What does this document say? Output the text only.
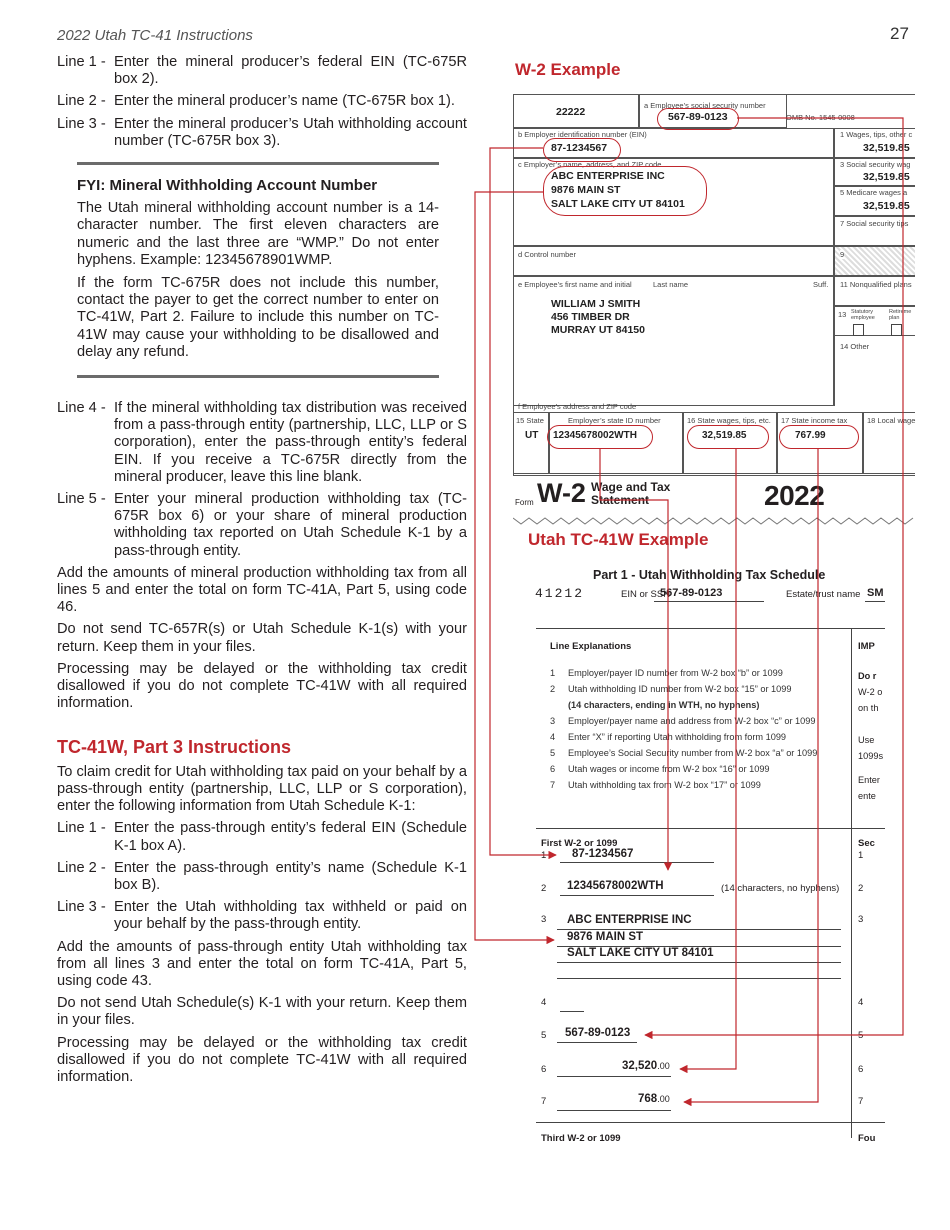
2022 Utah TC-41 Instructions	27
Line 1 - Enter the mineral producer’s federal EIN (TC-675R box 2).
Line 2 - Enter the mineral producer’s name (TC-675R box 1).
Line 3 - Enter the mineral producer’s Utah withholding account number (TC-675R box 3).
FYI: Mineral Withholding Account Number

The Utah mineral withholding account number is a 14-character number. The first eleven characters are numeric and the last three are “WMP.” Do not enter hyphens. Example: 12345678901WMP.

If the form TC-675R does not include this number, contact the payer to get the correct number to enter on TC-41W, Part 2. Failure to include this number on TC-41W may cause your withholding to be disallowed and delay any refund.

Line 4 - If the mineral withholding tax distribution was received from a pass-through entity (partnership, LLC, LLP or S corporation), enter the pass-through entity’s federal EIN. If you receive a TC-675R directly from the mineral producer, leave this line blank.
Line 5 - Enter your mineral production withholding tax (TC-675R box 6) or your share of mineral production withholding tax reported on Utah Schedule K-1 by a pass-through entity.

Add the amounts of mineral production withholding tax from all lines 5 and enter the total on form TC-41A, Part 5, using code 46.

Do not send TC-657R(s) or Utah Schedule K-1(s) with your return. Keep them in your files.

Processing may be delayed or the withholding tax credit disallowed if you do not complete TC-41W with all required information.

TC-41W, Part 3 Instructions

To claim credit for Utah withholding tax paid on your behalf by a pass-through entity (partnership, LLC, LLP or S corporation), enter the following information from Utah Schedule K-1:

Line 1 - Enter the pass-through entity’s federal EIN (Schedule K-1 box A).
Line 2 - Enter the pass-through entity’s name (Schedule K-1 box B).
Line 3 - Enter the Utah withholding tax withheld or paid on your behalf by the pass-through entity.

Add the amounts of pass-through entity Utah withholding tax from all lines 3 and enter the total on form TC-41A, Part 5, using code 43.

Do not send Utah Schedule(s) K-1 with your return. Keep them in your files.

Processing may be delayed or the withholding tax credit disallowed if you do not complete TC-41W with all required information.

W-2 Example
22222
a Employee’s social security number
567-89-0123	OMB No. 1545-0008
b Employer identification number (EIN)
87-1234567
c Employer’s name, address, and ZIP code
ABC ENTERPRISE INC
9876 MAIN ST
SALT LAKE CITY UT 84101
1 Wages, tips, other c
32,519.85
3 Social security wag
32,519.85
5 Medicare wages a
32,519.85
7 Social security tips
d Control number	9
e Employee’s first name and initial	Last name	Suff.
WILLIAM J SMITH
456 TIMBER DR
MURRAY UT 84150
f Employee’s address and ZIP code
11 Nonqualified plans
13 Statutory employee
Retireme plan
14 Other
15 State
UT
Employer’s state ID number
12345678002WTH
16 State wages, tips, etc.
32,519.85
17 State income tax
767.99
18 Local wage
Form W-2 Wage and Tax Statement	2022
Utah TC-41W Example
Part 1 - Utah Withholding Tax Schedule
41212	EIN or SSN
567-89-0123	Estate/trust name SM
Line Explanations	IMP
1 Employer/payer ID number from W-2 box “b” or 1099
2 Utah withholding ID number from W-2 box “15” or 1099
(14 characters, ending in WTH, no hyphens)
3 Employer/payer name and address from W-2 box “c” or 1099
4 Enter “X” if reporting Utah withholding from form 1099
5 Employee’s Social Security number from W-2 box “a” or 1099
6 Utah wages or income from W-2 box “16” or 1099
7 Utah withholding tax from W-2 box “17” or 1099
Do r
W-2 o
on th
Use
1099s
Enter
ente
First W-2 or 1099	Sec
1 87-1234567
2 12345678002WTH	(14 characters, no hyphens)
3 ABC ENTERPRISE INC
9876 MAIN ST
SALT LAKE CITY UT 84101
4
5 567-89-0123
6	32,520.00
7	768.00
1
2
3
4
5
6
7
Third W-2 or 1099	Fou
